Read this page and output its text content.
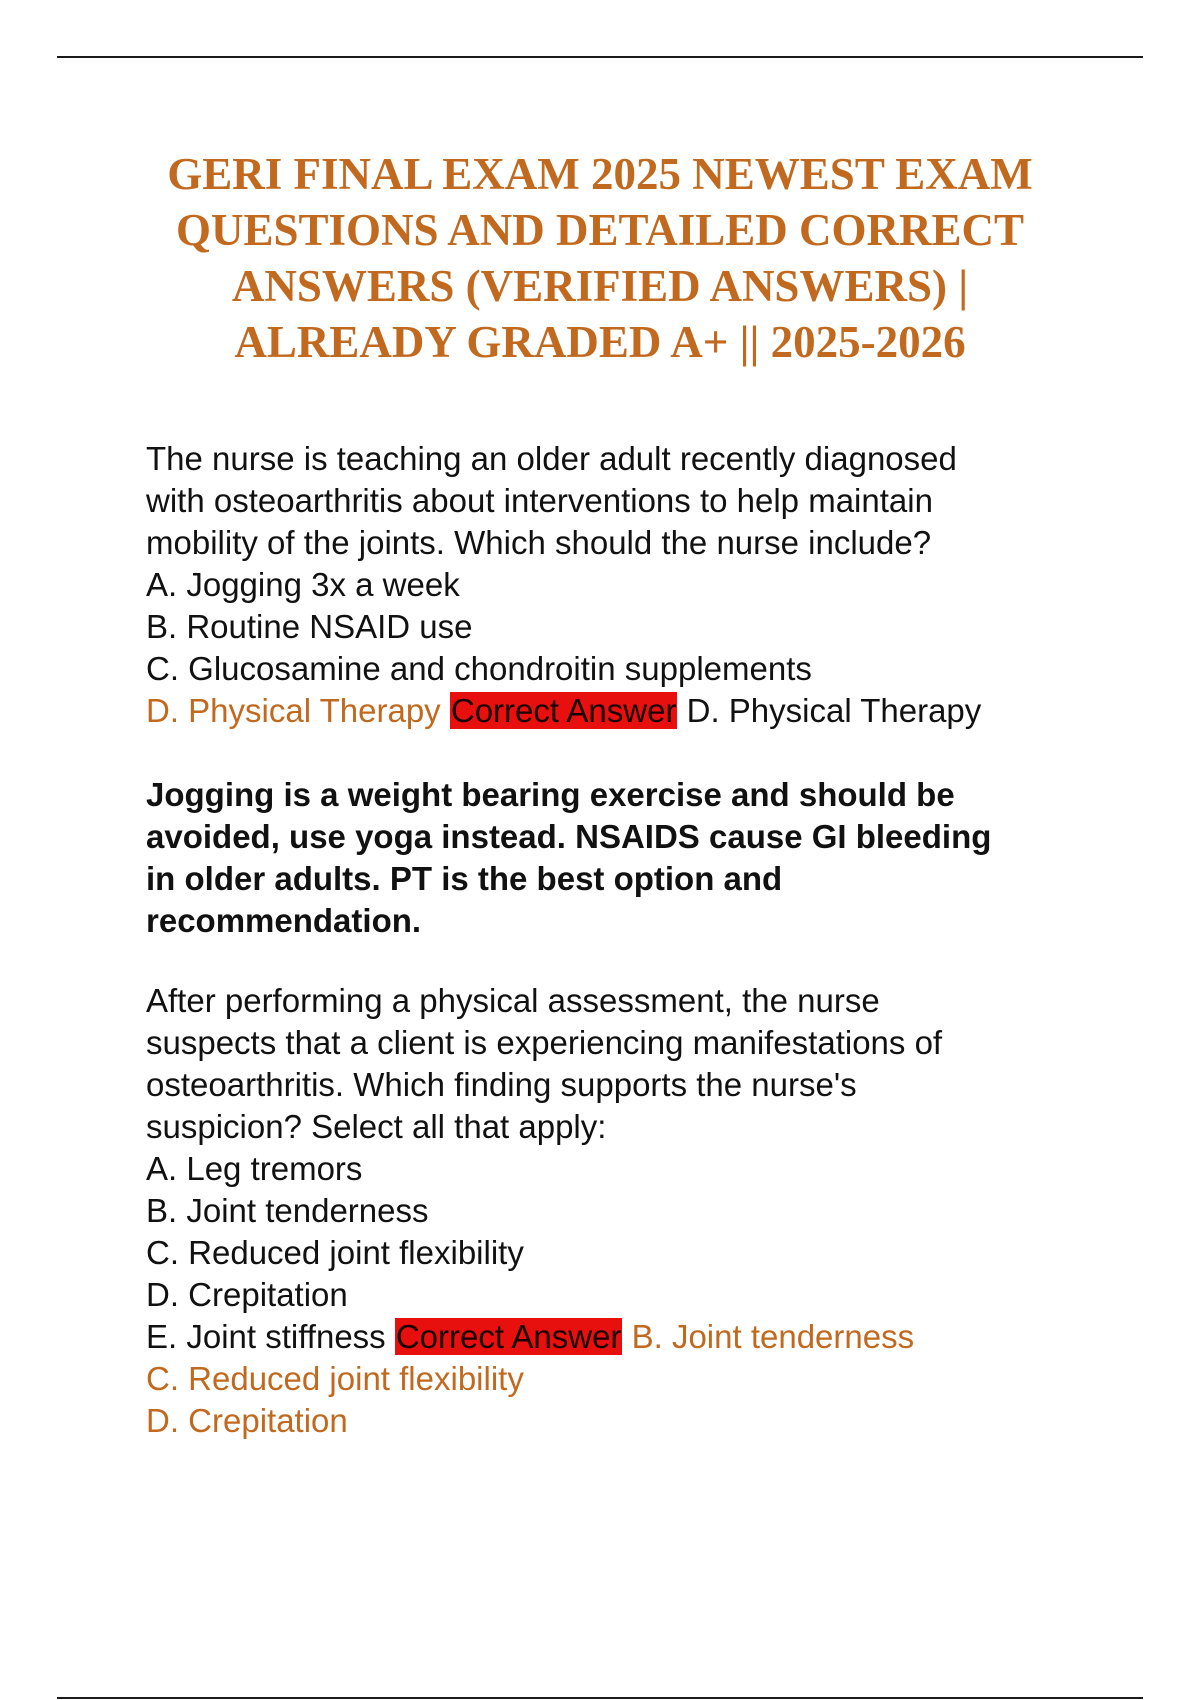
GERI FINAL EXAM 2025 NEWEST EXAM
QUESTIONS AND DETAILED CORRECT
ANSWERS (VERIFIED ANSWERS) |
ALREADY GRADED A+ || 2025-2026
The nurse is teaching an older adult recently diagnosed
with osteoarthritis about interventions to help maintain
mobility of the joints. Which should the nurse include?
A. Jogging 3x a week
B. Routine NSAID use
C. Glucosamine and chondroitin supplements
D. Physical Therapy Correct Answer D. Physical Therapy
Jogging is a weight bearing exercise and should be
avoided, use yoga instead. NSAIDS cause GI bleeding
in older adults. PT is the best option and
recommendation.
After performing a physical assessment, the nurse
suspects that a client is experiencing manifestations of
osteoarthritis. Which finding supports the nurse's
suspicion? Select all that apply:
A. Leg tremors
B. Joint tenderness
C. Reduced joint flexibility
D. Crepitation
E. Joint stiffness Correct Answer B. Joint tenderness
C. Reduced joint flexibility
D. Crepitation
